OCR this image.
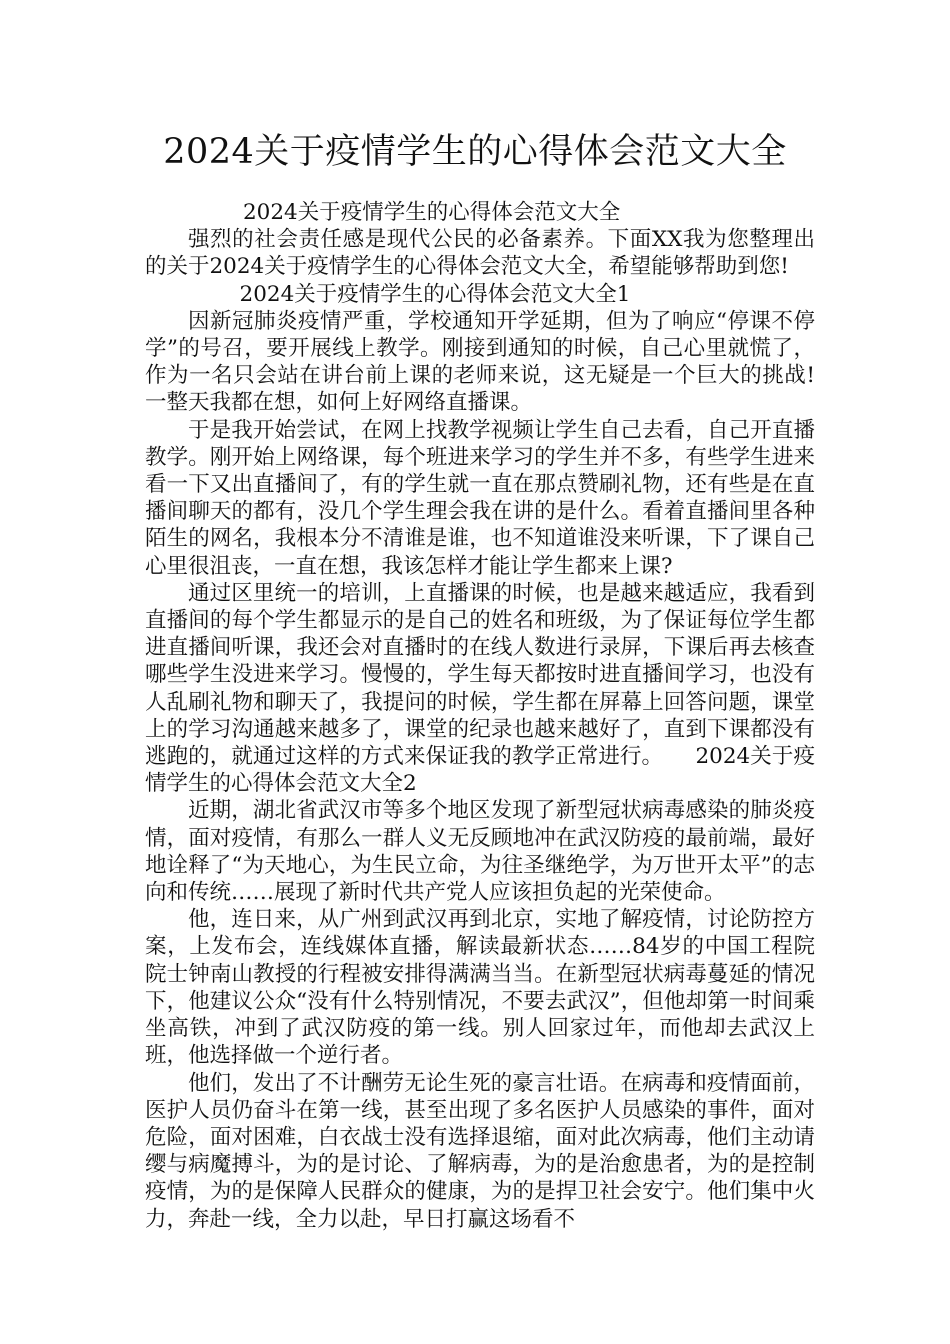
2024关于疫情学生的心得体会范文大全

2024关于疫情学生的心得体会范文大全

强烈的社会责任感是现代公民的必备素养。下面XX我为您整理出的关于2024关于疫情学生的心得体会范文大全，希望能够帮助到您!

2024关于疫情学生的心得体会范文大全1

因新冠肺炎疫情严重，学校通知开学延期，但为了响应“停课不停学”的号召，要开展线上教学。刚接到通知的时候，自己心里就慌了，作为一名只会站在讲台前上课的老师来说，这无疑是一个巨大的挑战!一整天我都在想，如何上好网络直播课。

于是我开始尝试，在网上找教学视频让学生自己去看，自己开直播教学。刚开始上网络课，每个班进来学习的学生并不多，有些学生进来看一下又出直播间了，有的学生就一直在那点赞刷礼物，还有些是在直播间聊天的都有，没几个学生理会我在讲的是什么。看着直播间里各种陌生的网名，我根本分不清谁是谁，也不知道谁没来听课，下了课自己心里很沮丧，一直在想，我该怎样才能让学生都来上课?

通过区里统一的培训，上直播课的时候，也是越来越适应，我看到直播间的每个学生都显示的是自己的姓名和班级，为了保证每位学生都进直播间听课，我还会对直播时的在线人数进行录屏，下课后再去核查哪些学生没进来学习。慢慢的，学生每天都按时进直播间学习，也没有人乱刷礼物和聊天了，我提问的时候，学生都在屏幕上回答问题，课堂上的学习沟通越来越多了，课堂的纪录也越来越好了，直到下课都没有逃跑的，就通过这样的方式来保证我的教学正常进行。　　2024关于疫情学生的心得体会范文大全2

近期，湖北省武汉市等多个地区发现了新型冠状病毒感染的肺炎疫情，面对疫情，有那么一群人义无反顾地冲在武汉防疫的最前端，最好地诠释了“为天地心，为生民立命，为往圣继绝学，为万世开太平”的志向和传统……展现了新时代共产党人应该担负起的光荣使命。

他，连日来，从广州到武汉再到北京，实地了解疫情，讨论防控方案，上发布会，连线媒体直播，解读最新状态……84岁的中国工程院院士钟南山教授的行程被安排得满满当当。在新型冠状病毒蔓延的情况下，他建议公众“没有什么特别情况，不要去武汉”，但他却第一时间乘坐高铁，冲到了武汉防疫的第一线。别人回家过年，而他却去武汉上班，他选择做一个逆行者。

他们，发出了不计酬劳无论生死的豪言壮语。在病毒和疫情面前，医护人员仍奋斗在第一线，甚至出现了多名医护人员感染的事件，面对危险，面对困难，白衣战士没有选择退缩，面对此次病毒，他们主动请缨与病魔搏斗，为的是讨论、了解病毒，为的是治愈患者，为的是控制疫情，为的是保障人民群众的健康，为的是捍卫社会安宁。他们集中火力，奔赴一线，全力以赴，早日打赢这场看不
